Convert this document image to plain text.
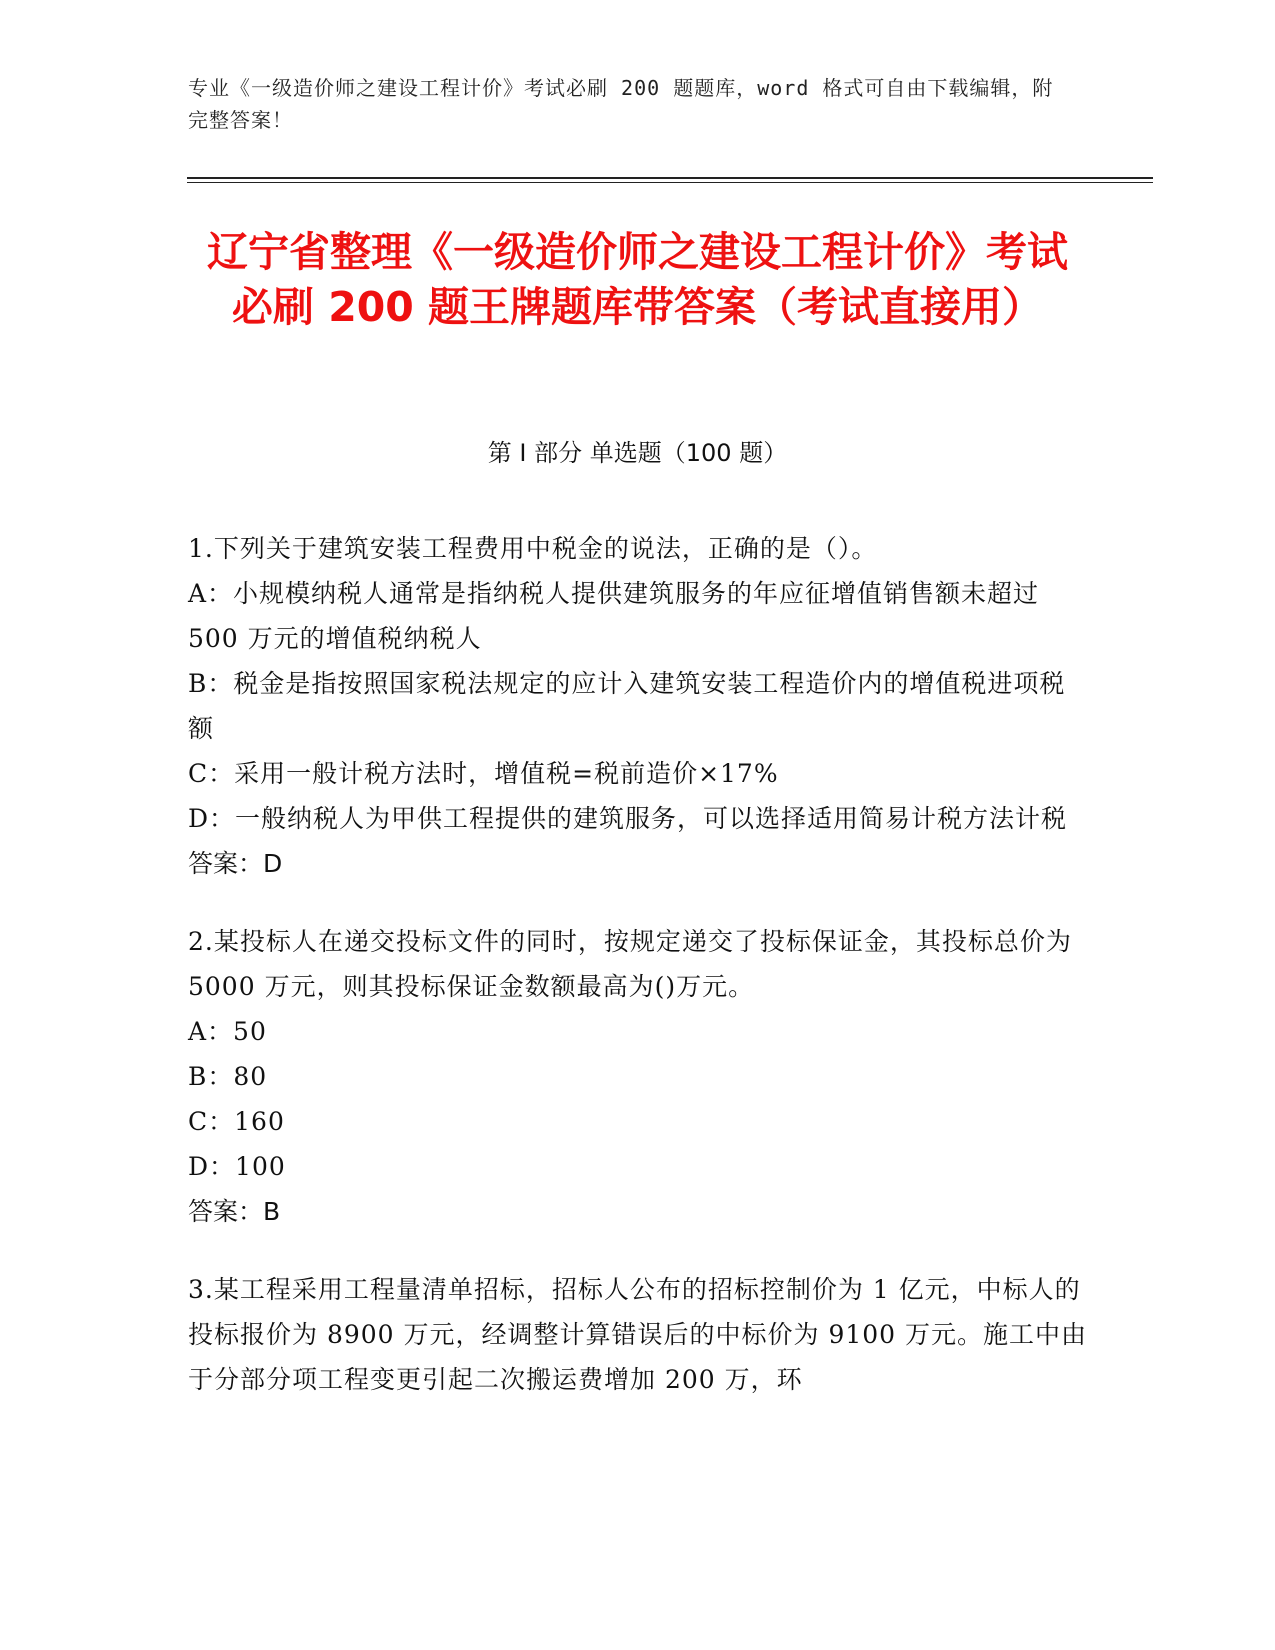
专业《一级造价师之建设工程计价》考试必刷 200 题题库，word 格式可自由下载编辑，附完整答案！
辽宁省整理《一级造价师之建设工程计价》考试必刷 200 题王牌题库带答案（考试直接用）
第 I 部分 单选题（100 题）

1.下列关于建筑安装工程费用中税金的说法，正确的是（）。

A：小规模纳税人通常是指纳税人提供建筑服务的年应征增值销售额未超过 500 万元的增值税纳税人

B：税金是指按照国家税法规定的应计入建筑安装工程造价内的增值税进项税额

C：采用一般计税方法时，增值税=税前造价×17%

D：一般纳税人为甲供工程提供的建筑服务，可以选择适用简易计税方法计税

答案：D

2.某投标人在递交投标文件的同时，按规定递交了投标保证金，其投标总价为 5000 万元，则其投标保证金数额最高为()万元。

A：50

B：80

C：160

D：100

答案：B

3.某工程采用工程量清单招标，招标人公布的招标控制价为 1 亿元，中标人的投标报价为 8900 万元，经调整计算错误后的中标价为 9100 万元。施工中由于分部分项工程变更引起二次搬运费增加 200 万，环
